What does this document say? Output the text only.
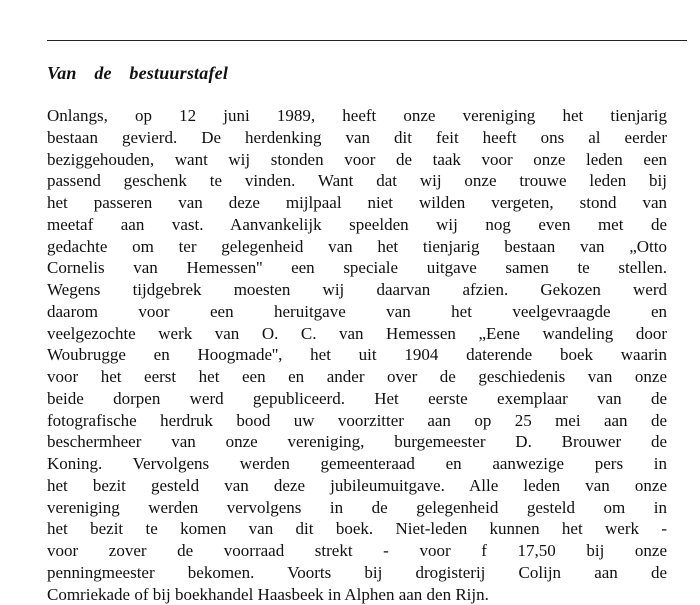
Van de bestuurstafel
Onlangs, op 12 juni 1989, heeft onze vereniging het tienjarig
bestaan gevierd. De herdenking van dit feit heeft ons al eerder
beziggehouden, want wij stonden voor de taak voor onze leden een
passend geschenk te vinden. Want dat wij onze trouwe leden bij
het passeren van deze mijlpaal niet wilden vergeten, stond van
meetaf aan vast. Aanvankelijk speelden wij nog even met de
gedachte om ter gelegenheid van het tienjarig bestaan van „Otto
Cornelis van Hemessen'' een speciale uitgave samen te stellen.
Wegens tijdgebrek moesten wij daarvan afzien. Gekozen werd
daarom voor een heruitgave van het veelgevraagde en
veelgezochte werk van O. C. van Hemessen „Eene wandeling door
Woubrugge en Hoogmade'', het uit 1904 daterende boek waarin
voor het eerst het een en ander over de geschiedenis van onze
beide dorpen werd gepubliceerd. Het eerste exemplaar van de
fotografische herdruk bood uw voorzitter aan op 25 mei aan de
beschermheer van onze vereniging, burgemeester D. Brouwer de
Koning. Vervolgens werden gemeenteraad en aanwezige pers in
het bezit gesteld van deze jubileumuitgave. Alle leden van onze
vereniging werden vervolgens in de gelegenheid gesteld om in
het bezit te komen van dit boek. Niet-leden kunnen het werk -
voor zover de voorraad strekt - voor f 17,50 bij onze
penningmeester bekomen. Voorts bij drogisterij Colijn aan de
Comriekade of bij boekhandel Haasbeek in Alphen aan den Rijn.
